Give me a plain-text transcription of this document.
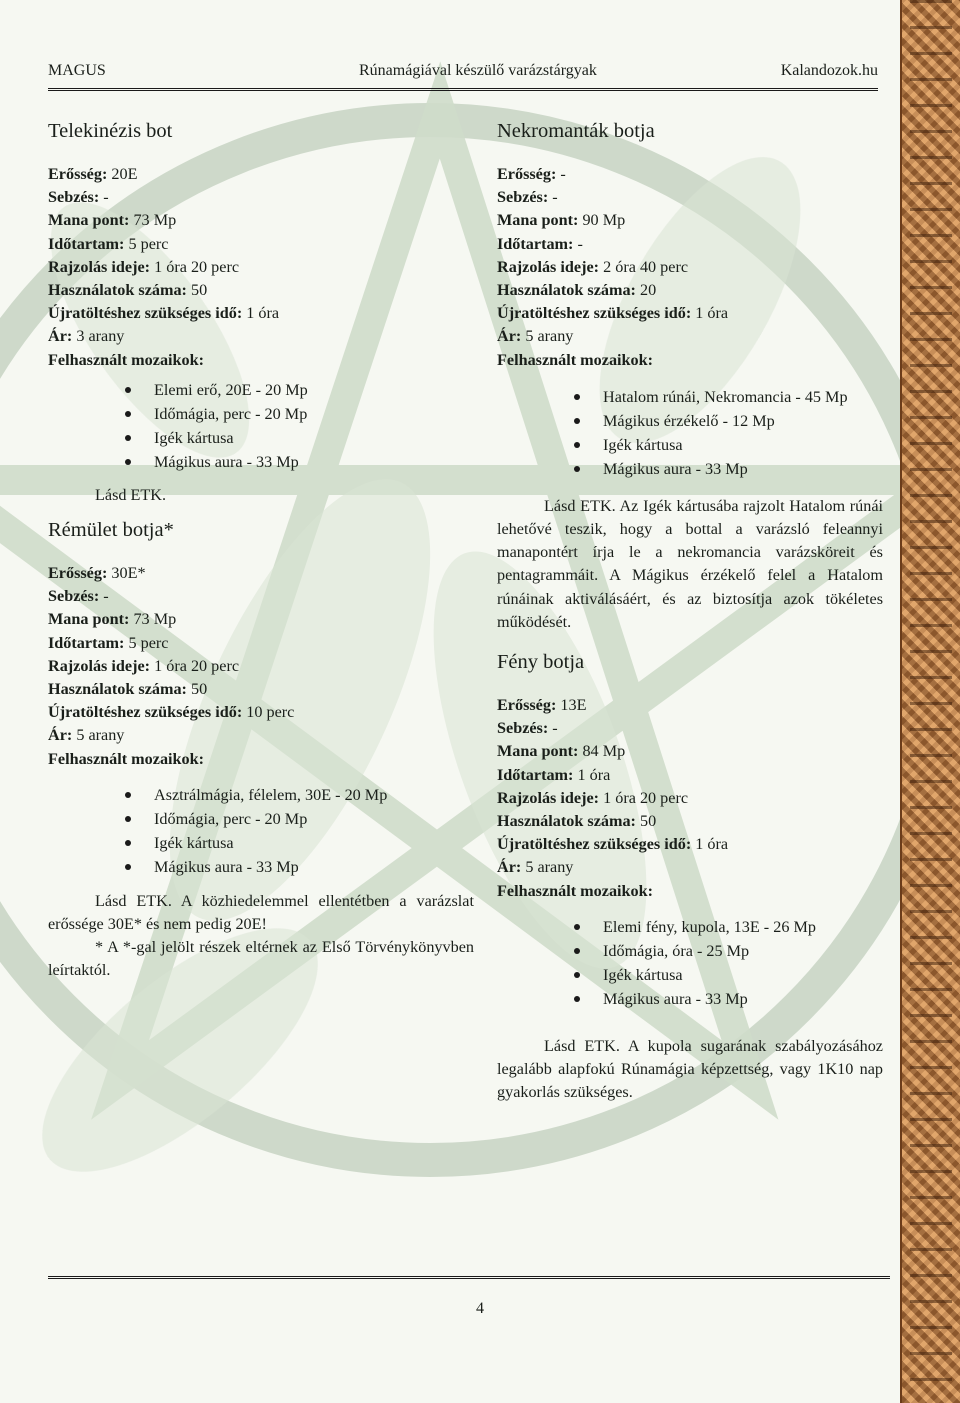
MAGUS	Rúnamágiával készülő varázstárgyak	Kalandozok.hu
Telekinézis bot
Erősség: 20E
Sebzés: -
Mana pont: 73 Mp
Időtartam: 5 perc
Rajzolás ideje: 1 óra 20 perc
Használatok száma: 50
Újratöltéshez szükséges idő: 1 óra
Ár: 3 arany
Felhasznált mozaikok:
Elemi erő, 20E - 20 Mp
Időmágia, perc - 20 Mp
Igék kártusa
Mágikus aura - 33 Mp

Lásd ETK.

Rémület botja*
Erősség: 30E*
Sebzés: -
Mana pont: 73 Mp
Időtartam: 5 perc
Rajzolás ideje: 1 óra 20 perc
Használatok száma: 50
Újratöltéshez szükséges idő: 10 perc
Ár: 5 arany
Felhasznált mozaikok:
Asztrálmágia, félelem, 30E - 20 Mp
Időmágia, perc - 20 Mp
Igék kártusa
Mágikus aura - 33 Mp

Lásd ETK. A közhiedelemmel ellentétben a varázslat erőssége 30E* és nem pedig 20E!

* A *-gal jelölt részek eltérnek az Első Törvénykönyvben leírtaktól.

Nekromanták botja
Erősség: -
Sebzés: -
Mana pont: 90 Mp
Időtartam: -
Rajzolás ideje: 2 óra 40 perc
Használatok száma: 20
Újratöltéshez szükséges idő: 1 óra
Ár: 5 arany
Felhasznált mozaikok:
Hatalom rúnái, Nekromancia - 45 Mp
Mágikus érzékelő - 12 Mp
Igék kártusa
Mágikus aura - 33 Mp

Lásd ETK. Az Igék kártusába rajzolt Hatalom rúnái lehetővé teszik, hogy a bottal a varázsló feleannyi manapontért írja le a nekromancia varázsköreit és pentagrammáit. A Mágikus érzékelő felel a Hatalom rúnáinak aktiválásáért, és az biztosítja azok tökéletes működését.

Fény botja
Erősség: 13E
Sebzés: -
Mana pont: 84 Mp
Időtartam: 1 óra
Rajzolás ideje: 1 óra 20 perc
Használatok száma: 50
Újratöltéshez szükséges idő: 1 óra
Ár: 5 arany
Felhasznált mozaikok:
Elemi fény, kupola, 13E - 26 Mp
Időmágia, óra - 25 Mp
Igék kártusa
Mágikus aura - 33 Mp

Lásd ETK. A kupola sugarának szabályozásához legalább alapfokú Rúnamágia képzettség, vagy 1K10 nap gyakorlás szükséges.

4
